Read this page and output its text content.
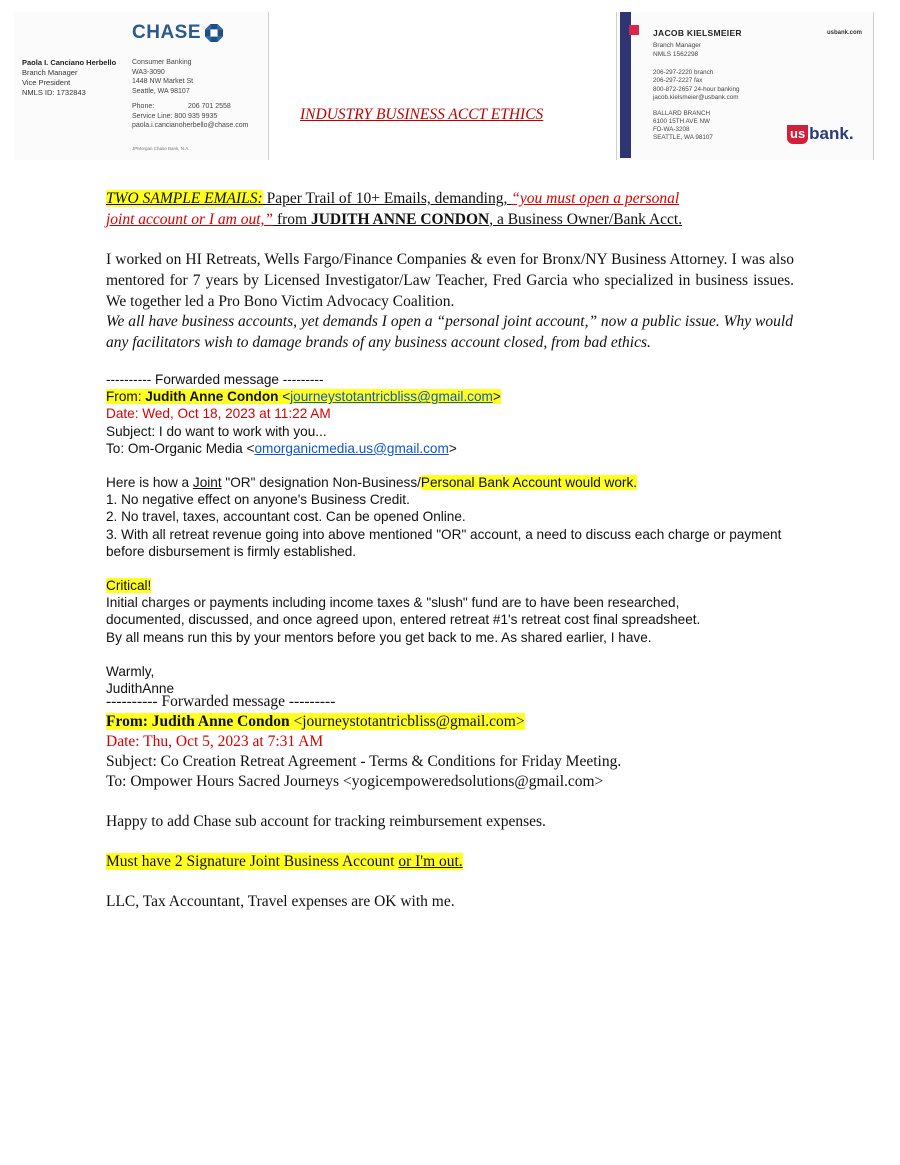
CHASE
Paola I. Canciano Herbello
Branch Manager
Vice President
NMLS ID: 1732843
Consumer Banking
WA3-3090
1448 NW Market St
Seattle, WA 98107
Phone:	206 701 2558
Service Line:
800 935 9935
paola.i.cancianoherbello@chase.com
JPMorgan Chase Bank, N.A.
JACOB KIELSMEIER	usbank.com
Branch Manager
NMLS 1562298
206-297-2220 branch
206-297-2227 fax
800-872-2657 24-hour banking
jacob.kielsmeier@usbank.com
BALLARD BRANCH
6100 15TH AVE NW
FD-WA-3208
SEATTLE, WA 98107	us bank.
INDUSTRY BUSINESS ACCT ETHICS
TWO SAMPLE EMAILS: Paper Trail of 10+ Emails, demanding, “you must open a personal
joint account or I am out,” from JUDITH ANNE CONDON, a Business Owner/Bank Acct.
I worked on HI Retreats, Wells Fargo/Finance Companies & even for Bronx/NY Business Attorney. I was also mentored for 7 years by Licensed Investigator/Law Teacher, Fred Garcia who specialized in business issues. We together led a Pro Bono Victim Advocacy Coalition.
We all have business accounts, yet demands I open a “personal joint account,” now a public issue. Why would any facilitators wish to damage brands of any business account closed, from bad ethics.
---------- Forwarded message ---------
From: Judith Anne Condon <journeystotantricbliss@gmail.com>
Date: Wed, Oct 18, 2023 at 11:22 AM
Subject: I do want to work with you...
To: Om-Organic Media <omorganicmedia.us@gmail.com>
Here is how a Joint "OR" designation Non-Business/Personal Bank Account would work.
1. No negative effect on anyone's Business Credit.
2. No travel, taxes, accountant cost. Can be opened Online.
3. With all retreat revenue going into above mentioned "OR" account, a need to discuss each charge or payment before disbursement is firmly established.
Critical!
Initial charges or payments including income taxes & "slush" fund are to have been researched, documented, discussed, and once agreed upon, entered retreat #1's retreat cost final spreadsheet.
By all means run this by your mentors before you get back to me. As shared earlier, I have.
Warmly,
JudithAnne
---------- Forwarded message ---------
From: Judith Anne Condon <journeystotantricbliss@gmail.com>
Date: Thu, Oct 5, 2023 at 7:31 AM
Subject: Co Creation Retreat Agreement - Terms & Conditions for Friday Meeting.
To: Ompower Hours Sacred Journeys <yogicempoweredsolutions@gmail.com>
Happy to add Chase sub account for tracking reimbursement expenses.
Must have 2 Signature Joint Business Account or I'm out.
LLC, Tax Accountant, Travel expenses are OK with me.
